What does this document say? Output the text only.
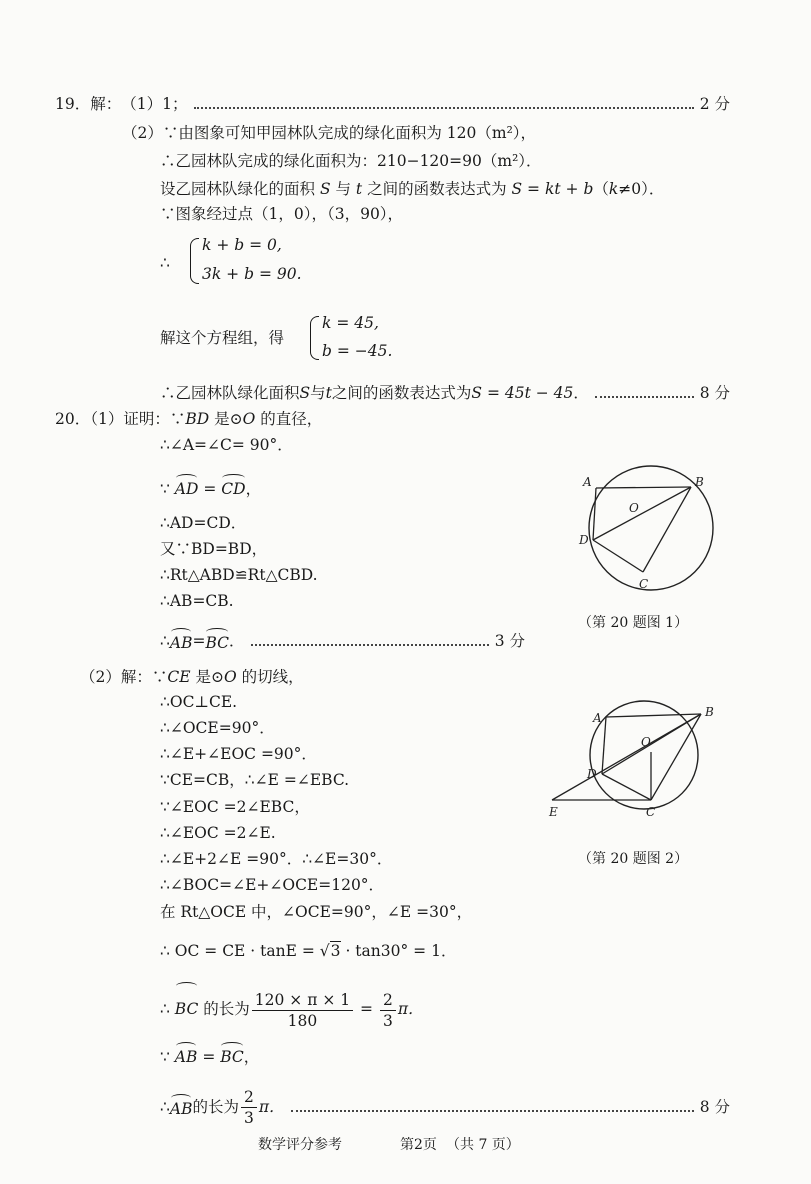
19． 解： （1） 1；	2 分
（2）∵由图象可知甲园林队完成的绿化面积为 120（m²），
∴乙园林队完成的绿化面积为：210−120=90（m²）．
设乙园林队绿化的面积 S 与 t 之间的函数表达式为 S = kt + b（k≠0）．
∵图象经过点（1，0），（3，90），
∴
k + b = 0,
3k + b = 90.
解这个方程组，得
k = 45,
b = −45.
∴乙园林队绿化面积 S 与 t 之间的函数表达式为 S = 45t − 45 ．	8 分
20．（1）证明：∵BD 是⊙O 的直径，
∴∠A=∠C= 90°．
∵ AD = CD，
∴AD=CD．
又∵BD=BD，
∴Rt△ABD≌Rt△CBD.
∴AB=CB.
∴ AB = BC ．	3 分
A	B
O
D
C
（第 20 题图 1）
（2）解：∵CE 是⊙O 的切线，
∴OC⊥CE.
∴∠OCE=90°．
∴∠E+∠EOC =90°．
∵CE=CB，∴∠E =∠EBC.
∵∠EOC =2∠EBC，
∴∠EOC =2∠E.
∴∠E+2∠E =90°．∴∠E=30°．
∴∠BOC=∠E+∠OCE=120°．
在 Rt△OCE 中，∠OCE=90°，∠E =30°，
∴ OC = CE · tanE = √3 · tan30° = 1．
∴ BC 的长为 $\frac{120 \times \pi \times 1}{180} = \frac{2}{3}$ π．
∵ AB = BC，
∴ AB 的长为 $\frac{2}{3}$ π．	8 分
A	B
O
D
E	C
（第 20 题图 2）
数学评分参考	第2页 （共 7 页）
